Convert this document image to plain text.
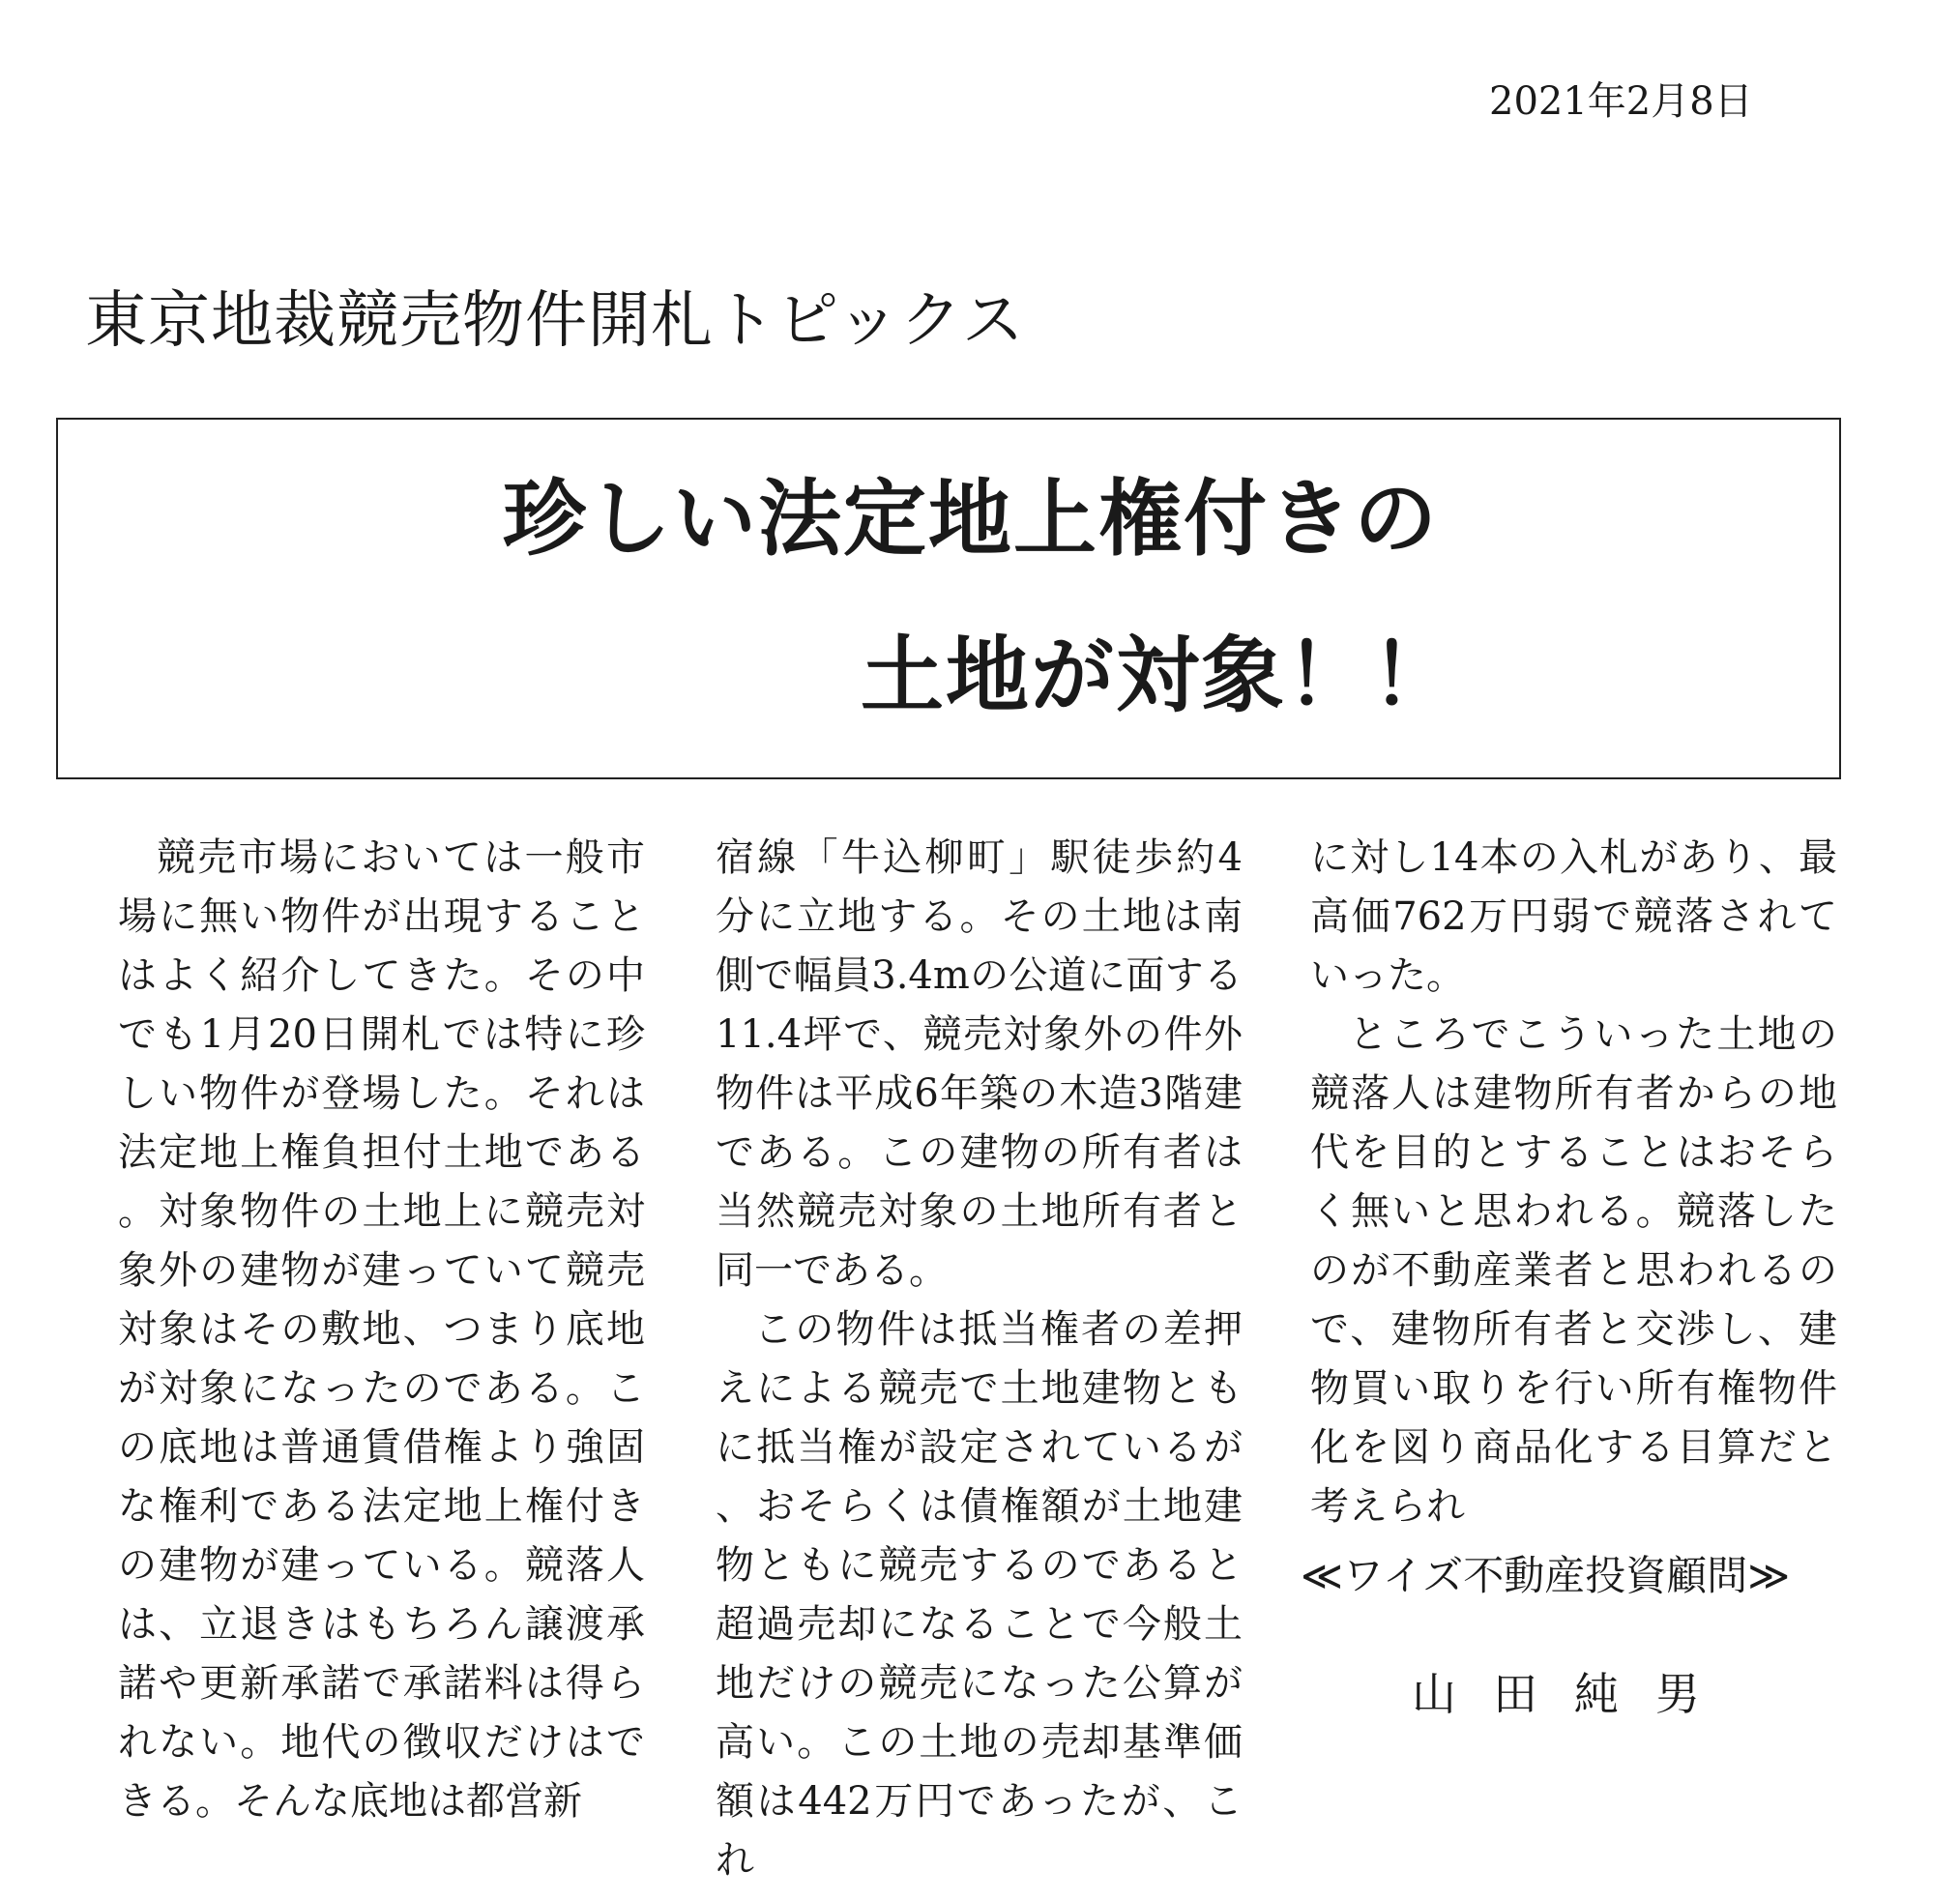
2021年2月8日
東京地裁競売物件開札トピックス
珍しい法定地上権付きの
土地が対象！！

競売市場においては一般市場に無い物件が出現することはよく紹介してきた。その中でも1月20日開札では特に珍しい物件が登場した。それは法定地上権負担付土地である。対象物件の土地上に競売対象外の建物が建っていて競売対象はその敷地、つまり底地が対象になったのである。この底地は普通賃借権より強固な権利である法定地上権付きの建物が建っている。競落人は、立退きはもちろん譲渡承諾や更新承諾で承諾料は得られない。地代の徴収だけはできる。そんな底地は都営新

宿線「牛込柳町」駅徒歩約4分に立地する。その土地は南側で幅員3.4mの公道に面する11.4坪で、競売対象外の件外物件は平成6年築の木造3階建である。この建物の所有者は当然競売対象の土地所有者と同一である。

この物件は抵当権者の差押えによる競売で土地建物ともに抵当権が設定されているが、おそらくは債権額が土地建物ともに競売するのであると超過売却になることで今般土地だけの競売になった公算が高い。この土地の売却基準価額は442万円であったが、これ

に対し14本の入札があり、最高価762万円弱で競落されていった。

ところでこういった土地の競落人は建物所有者からの地代を目的とすることはおそらく無いと思われる。競落したのが不動産業者と思われるので、建物所有者と交渉し、建物買い取りを行い所有権物件化を図り商品化する目算だと考えられ

≪ワイズ不動産投資顧問≫
山田純男
